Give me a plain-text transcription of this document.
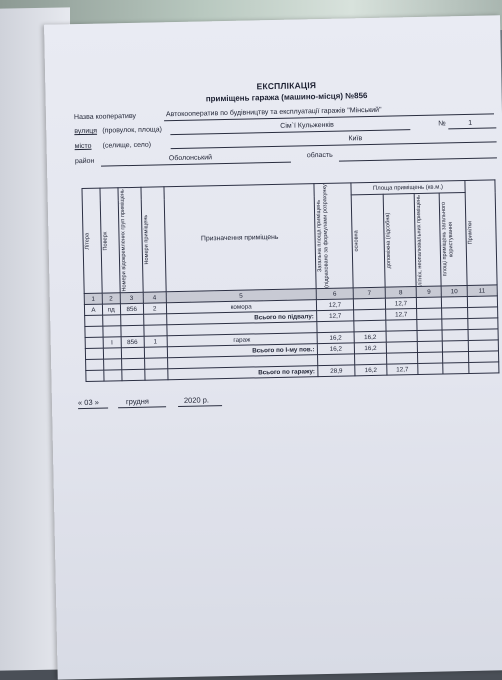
ЕКСПЛІКАЦІЯ
приміщень гаража (машино-місця) №856
Назва кооперативу	Автокооператив по будівництву та експлуатації гаражів "Мінський"
вулиця (провулок, площа)
Сім`ї Кульженків	№	1
місто (селище, село)
Київ
район	Оболонський	область
Літера	Поверх	Номери відокремлених груп приміщень	Номери приміщень	Призначення приміщень	Загальна площа приміщень (підраховано за формулами розрахунку	Площа приміщень (кв.м.)				Примітки

						основна	допоміжна (підсобна)	літніх, неопалювальних приміщень	площі приміщень загального користування	

1	2	3	4	5	6	7	8	9	10	11
А	пд	856	2	комора	12,7		12,7			
				Всього по підвалу:	12,7		12,7			

	І	856	1	гараж	16,2	16,2				
				Всього по І-му пов.:	16,2	16,2				

				Всього по гаражу:	28,9	16,2	12,7			
« 03 »	грудня	2020 р.
